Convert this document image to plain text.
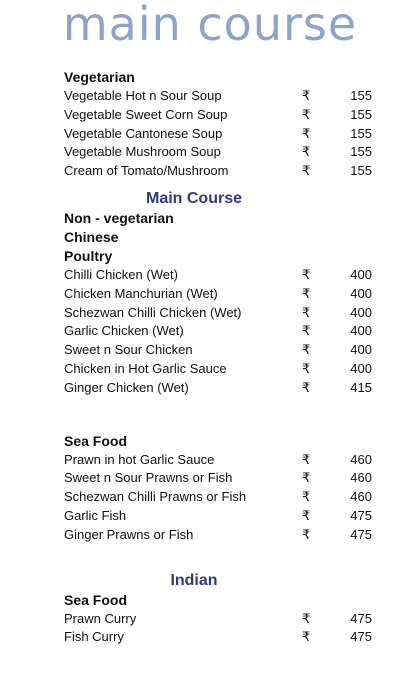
main course
Vegetarian
Vegetable Hot n Sour Soup	₹	155
Vegetable Sweet Corn Soup	₹	155
Vegetable Cantonese Soup	₹	155
Vegetable Mushroom Soup	₹	155
Cream of Tomato/Mushroom	₹	155
Main Course
Non - vegetarian
Chinese
Poultry
Chilli Chicken (Wet)	₹	400
Chicken Manchurian (Wet)	₹	400
Schezwan Chilli Chicken (Wet)	₹	400
Garlic Chicken (Wet)	₹	400
Sweet n Sour Chicken	₹	400
Chicken in Hot Garlic Sauce	₹	400
Ginger Chicken (Wet)	₹	415
Sea Food
Prawn in hot Garlic Sauce	₹	460
Sweet n Sour Prawns or Fish	₹	460
Schezwan Chilli Prawns or Fish	₹	460
Garlic Fish	₹	475
Ginger Prawns or Fish	₹	475
Indian
Sea Food
Prawn Curry	₹	475
Fish Curry	₹	475
